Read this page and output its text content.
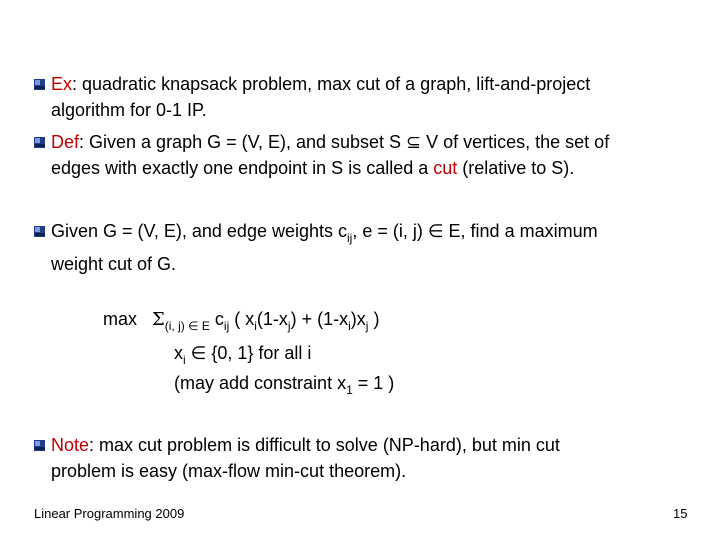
Ex: quadratic knapsack problem, max cut of a graph, lift-and-project
algorithm for 0-1 IP.
Def: Given a graph G = (V, E), and subset S ⊆ V of vertices, the set of
edges with exactly one endpoint in S is called a cut (relative to S).
Given G = (V, E), and edge weights $c_{ij}$, e = (i, j) ∈ E, find a maximum
weight cut of G.
$\max \Sigma_{(i, j) \in E}$ $c_{ij}$ ( $x_i(1-x_j) + (1-x_i)x_j$ )
$x_i$ ∈ {0, 1} for all i
(may add constraint $x_1 = 1$ )
Note: max cut problem is difficult to solve (NP-hard), but min cut
problem is easy (max-flow min-cut theorem).
Linear Programming 2009	15
